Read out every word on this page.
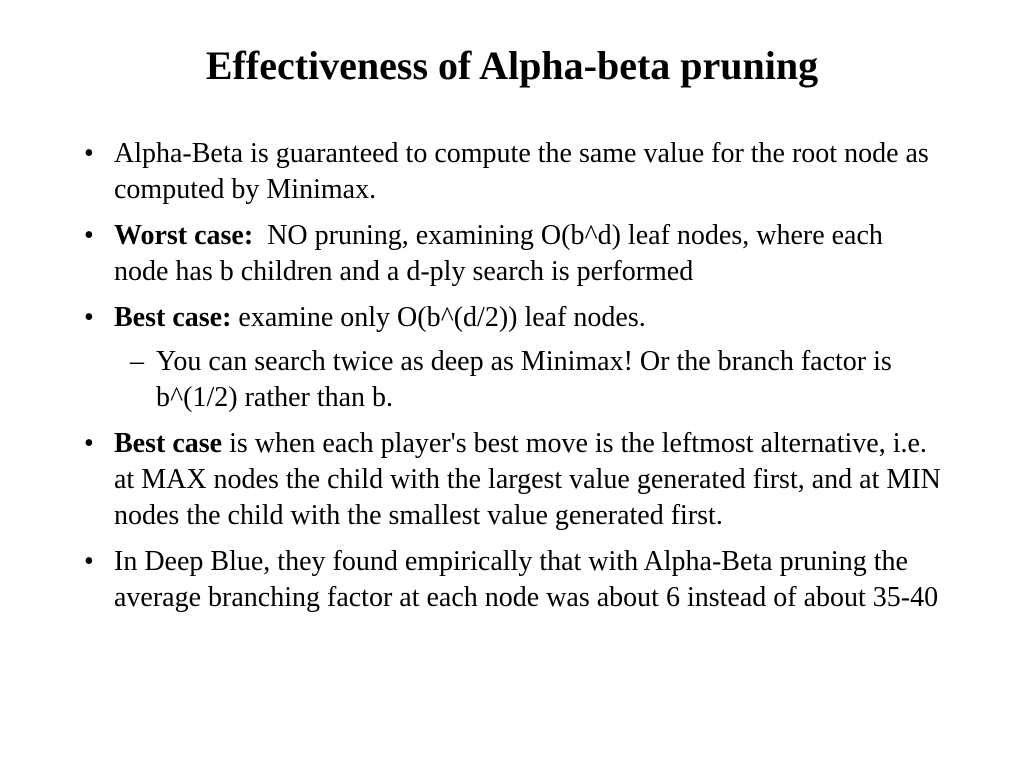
Effectiveness of Alpha-beta pruning
• Alpha-Beta is guaranteed to compute the same value for the root node as computed by Minimax.
• Worst case:  NO pruning, examining O(b^d) leaf nodes, where each node has b children and a d-ply search is performed
• Best case: examine only O(b^(d/2)) leaf nodes.
– You can search twice as deep as Minimax! Or the branch factor is b^(1/2) rather than b.
• Best case is when each player's best move is the leftmost alternative, i.e. at MAX nodes the child with the largest value generated first, and at MIN nodes the child with the smallest value generated first.
• In Deep Blue, they found empirically that with Alpha-Beta pruning the average branching factor at each node was about 6 instead of about 35-40
